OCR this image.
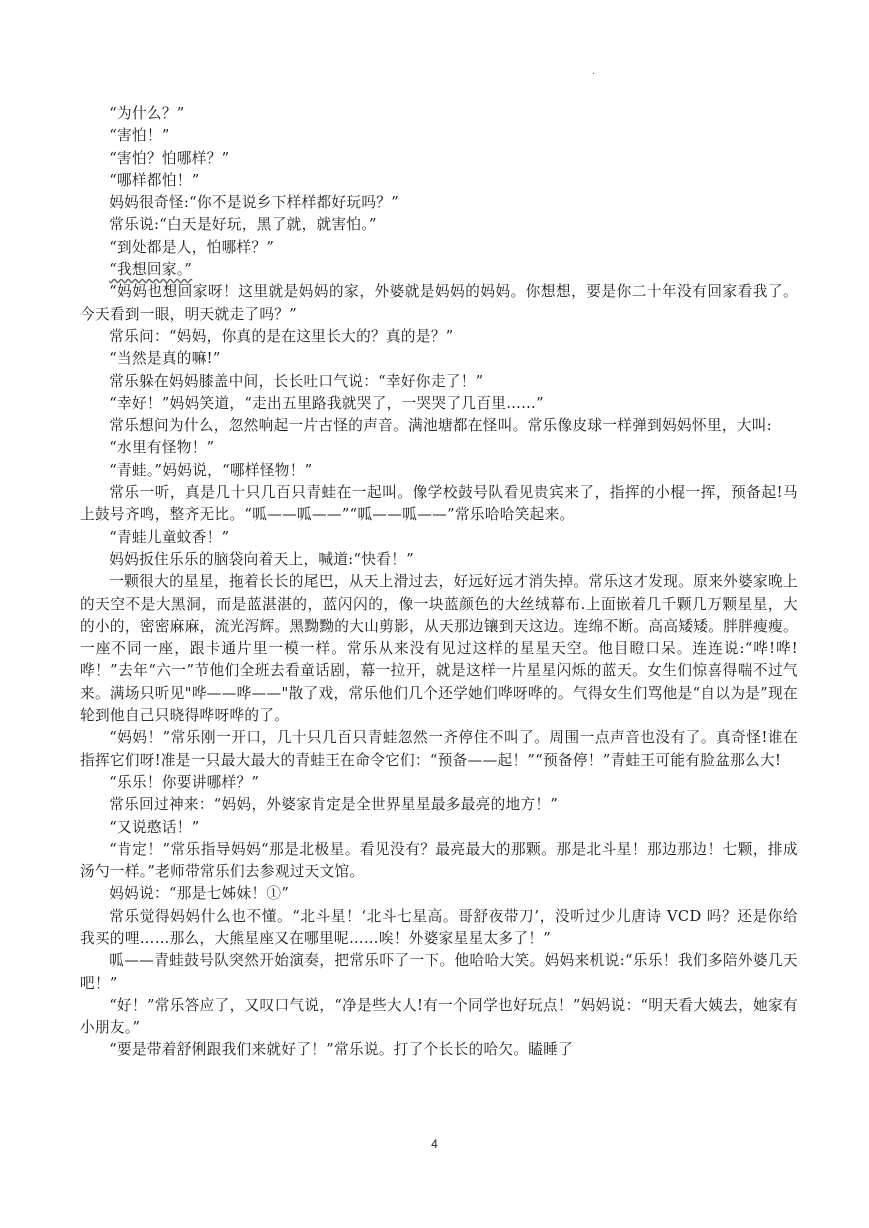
.

“为什么？”

“害怕！”

“害怕？怕哪样？”

“哪样都怕！”

妈妈很奇怪:“你不是说乡下样样都好玩吗？”

常乐说:“白天是好玩，黑了就，就害怕。”

“到处都是人，怕哪样？”

“我想回家。”

“妈妈也想回家呀！这里就是妈妈的家，外婆就是妈妈的妈妈。你想想，要是你二十年没有回家看我了。今天看到一眼，明天就走了吗？”

常乐问：“妈妈，你真的是在这里长大的？真的是？”

“当然是真的嘛!”

常乐躲在妈妈膝盖中间，长长吐口气说：“幸好你走了！”

“幸好！”妈妈笑道，“走出五里路我就哭了，一哭哭了几百里……”

常乐想问为什么，忽然响起一片古怪的声音。满池塘都在怪叫。常乐像皮球一样弹到妈妈怀里，大叫:

“水里有怪物！”

“青蛙。”妈妈说，“哪样怪物！”

常乐一听，真是几十只几百只青蛙在一起叫。像学校鼓号队看见贵宾来了，指挥的小棍一挥，预备起!马上鼓号齐鸣，整齐无比。“呱——呱——”“呱——呱——”常乐哈哈笑起来。

“青蛙儿童蚊香！”

妈妈扳住乐乐的脑袋向着天上，喊道:“快看！”

一颗很大的星星，拖着长长的尾巴，从天上滑过去，好远好远才消失掉。常乐这才发现。原来外婆家晚上的天空不是大黑洞，而是蓝湛湛的，蓝闪闪的，像一块蓝颜色的大丝绒幕布.上面嵌着几千颗几万颗星星，大的小的，密密麻麻，流光泻辉。黑黝黝的大山剪影，从天那边镶到天这边。连绵不断。高高矮矮。胖胖瘦瘦。一座不同一座，跟卡通片里一模一样。常乐从来没有见过这样的星星天空。他目瞪口呆。连连说:“哗!哗!哗！”去年“六一”节他们全班去看童话剧，幕一拉开，就是这样一片星星闪烁的蓝天。女生们惊喜得喘不过气来。满场只听见"哗——哗——"散了戏，常乐他们几个还学她们哗呀哗的。气得女生们骂他是“自以为是”现在轮到他自己只晓得哗呀哗的了。

“妈妈！”常乐刚一开口，几十只几百只青蛙忽然一齐停住不叫了。周围一点声音也没有了。真奇怪!谁在指挥它们呀!准是一只最大最大的青蛙王在命令它们：“预备——起！”“预备停！”青蛙王可能有脸盆那么大!

“乐乐！你要讲哪样？”

常乐回过神来：“妈妈，外婆家肯定是全世界星星最多最亮的地方！”

“又说憨话！”

“肯定！”常乐指导妈妈“那是北极星。看见没有？最亮最大的那颗。那是北斗星！那边那边！七颗，排成汤勺一样。”老师带常乐们去参观过天文馆。

妈妈说：“那是七姊妹！①”

常乐觉得妈妈什么也不懂。“北斗星！‘北斗七星高。哥舒夜带刀’，没听过少儿唐诗 VCD 吗？还是你给我买的哩……那么，大熊星座又在哪里呢……唉！外婆家星星太多了！”

呱——青蛙鼓号队突然开始演奏，把常乐吓了一下。他哈哈大笑。妈妈来机说:“乐乐！我们多陪外婆几天吧！”

“好！”常乐答应了，又叹口气说，“净是些大人!有一个同学也好玩点！”妈妈说：“明天看大姨去，她家有小朋友。”

“要是带着舒俐跟我们来就好了！”常乐说。打了个长长的哈欠。瞌睡了

4
